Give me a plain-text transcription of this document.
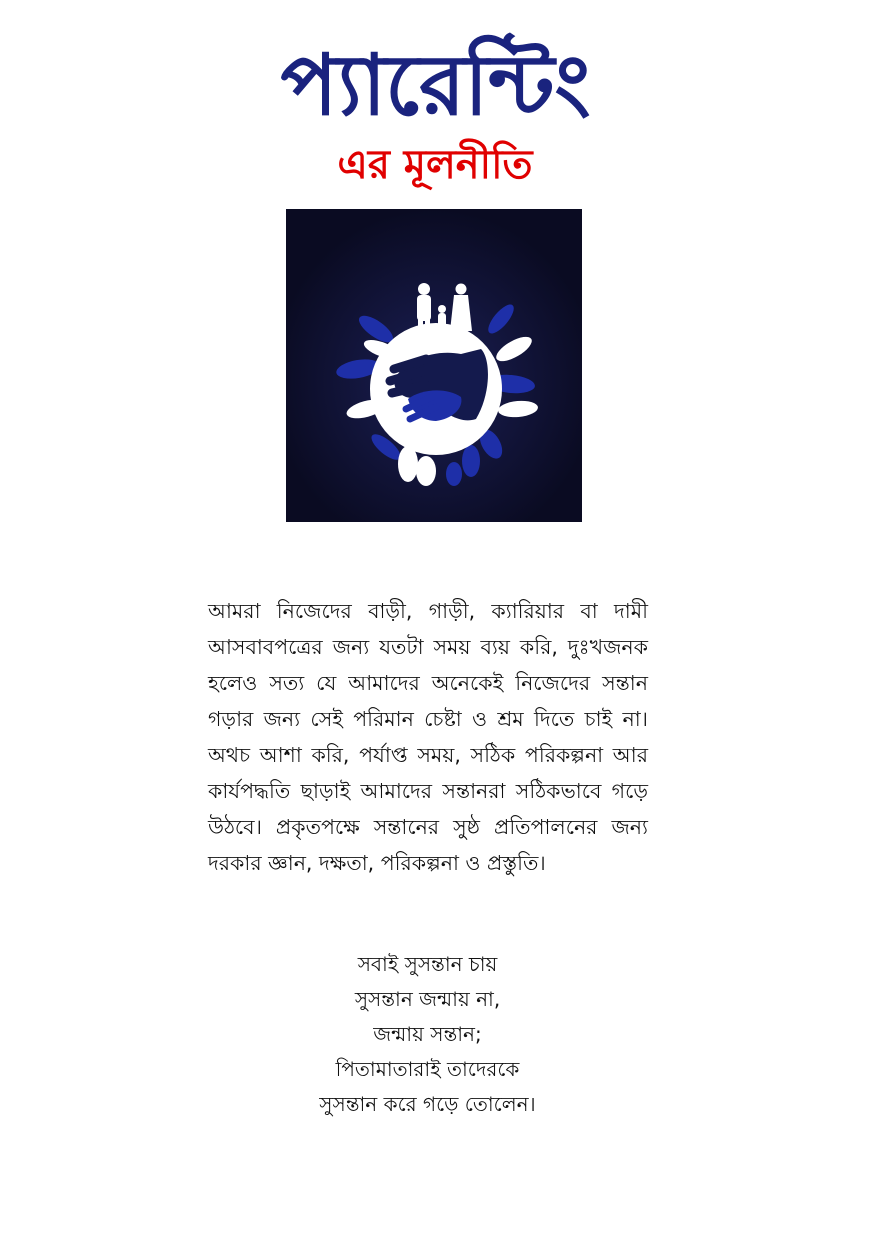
প্যারেন্টিং
এর মূলনীতি
আমরা নিজেদের বাড়ী, গাড়ী, ক্যারিয়ার বা দামী আসবাবপত্রের জন্য যতটা সময় ব্যয় করি, দুঃখজনক হলেও সত্য যে আমাদের অনেকেই নিজেদের সন্তান গড়ার জন্য সেই পরিমান চেষ্টা ও শ্রম দিতে চাই না। অথচ আশা করি, পর্যাপ্ত সময়, সঠিক পরিকল্পনা আর কার্যপদ্ধতি ছাড়াই আমাদের সন্তানরা সঠিকভাবে গড়ে উঠবে। প্রকৃতপক্ষে সন্তানের সুষ্ঠ প্রতিপালনের জন্য দরকার জ্ঞান, দক্ষতা, পরিকল্পনা ও প্রস্তুতি।
সবাই সুসন্তান চায়
সুসন্তান জন্মায় না,
জন্মায় সন্তান;
পিতামাতারাই তাদেরকে
সুসন্তান করে গড়ে তোলেন।
